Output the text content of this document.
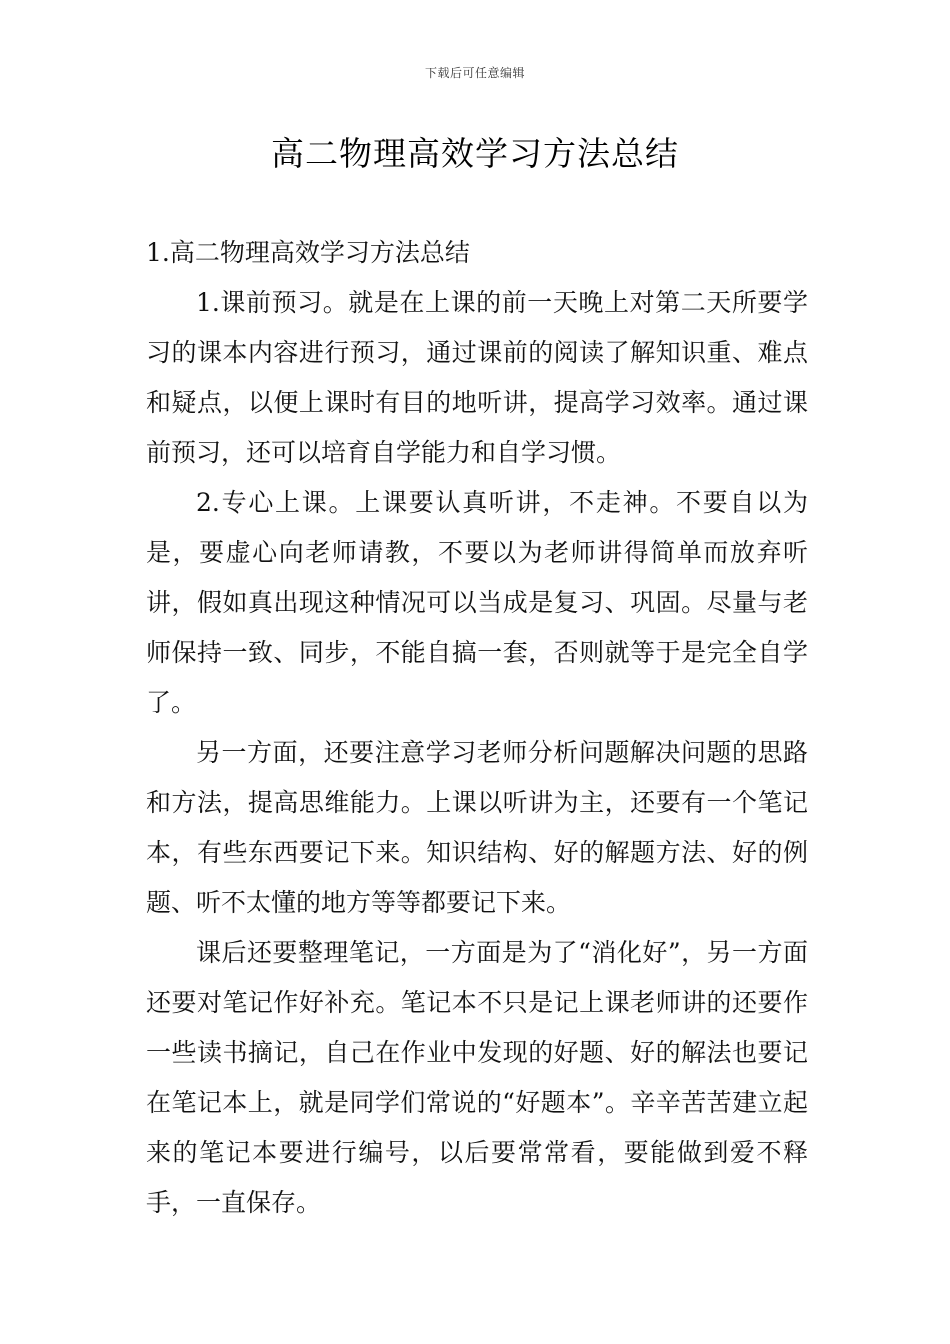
下载后可任意编辑
高二物理高效学习方法总结

1.高二物理高效学习方法总结

1.课前预习。就是在上课的前一天晚上对第二天所要学习的课本内容进行预习，通过课前的阅读了解知识重、难点和疑点，以便上课时有目的地听讲，提高学习效率。通过课前预习，还可以培育自学能力和自学习惯。

2.专心上课。上课要认真听讲，不走神。不要自以为是，要虚心向老师请教，不要以为老师讲得简单而放弃听讲，假如真出现这种情况可以当成是复习、巩固。尽量与老师保持一致、同步，不能自搞一套，否则就等于是完全自学了。

另一方面，还要注意学习老师分析问题解决问题的思路和方法，提高思维能力。上课以听讲为主，还要有一个笔记本，有些东西要记下来。知识结构、好的解题方法、好的例题、听不太懂的地方等等都要记下来。

课后还要整理笔记，一方面是为了“消化好”，另一方面还要对笔记作好补充。笔记本不只是记上课老师讲的还要作一些读书摘记，自己在作业中发现的好题、好的解法也要记在笔记本上，就是同学们常说的“好题本”。辛辛苦苦建立起来的笔记本要进行编号，以后要常常看，要能做到爱不释手，一直保存。
